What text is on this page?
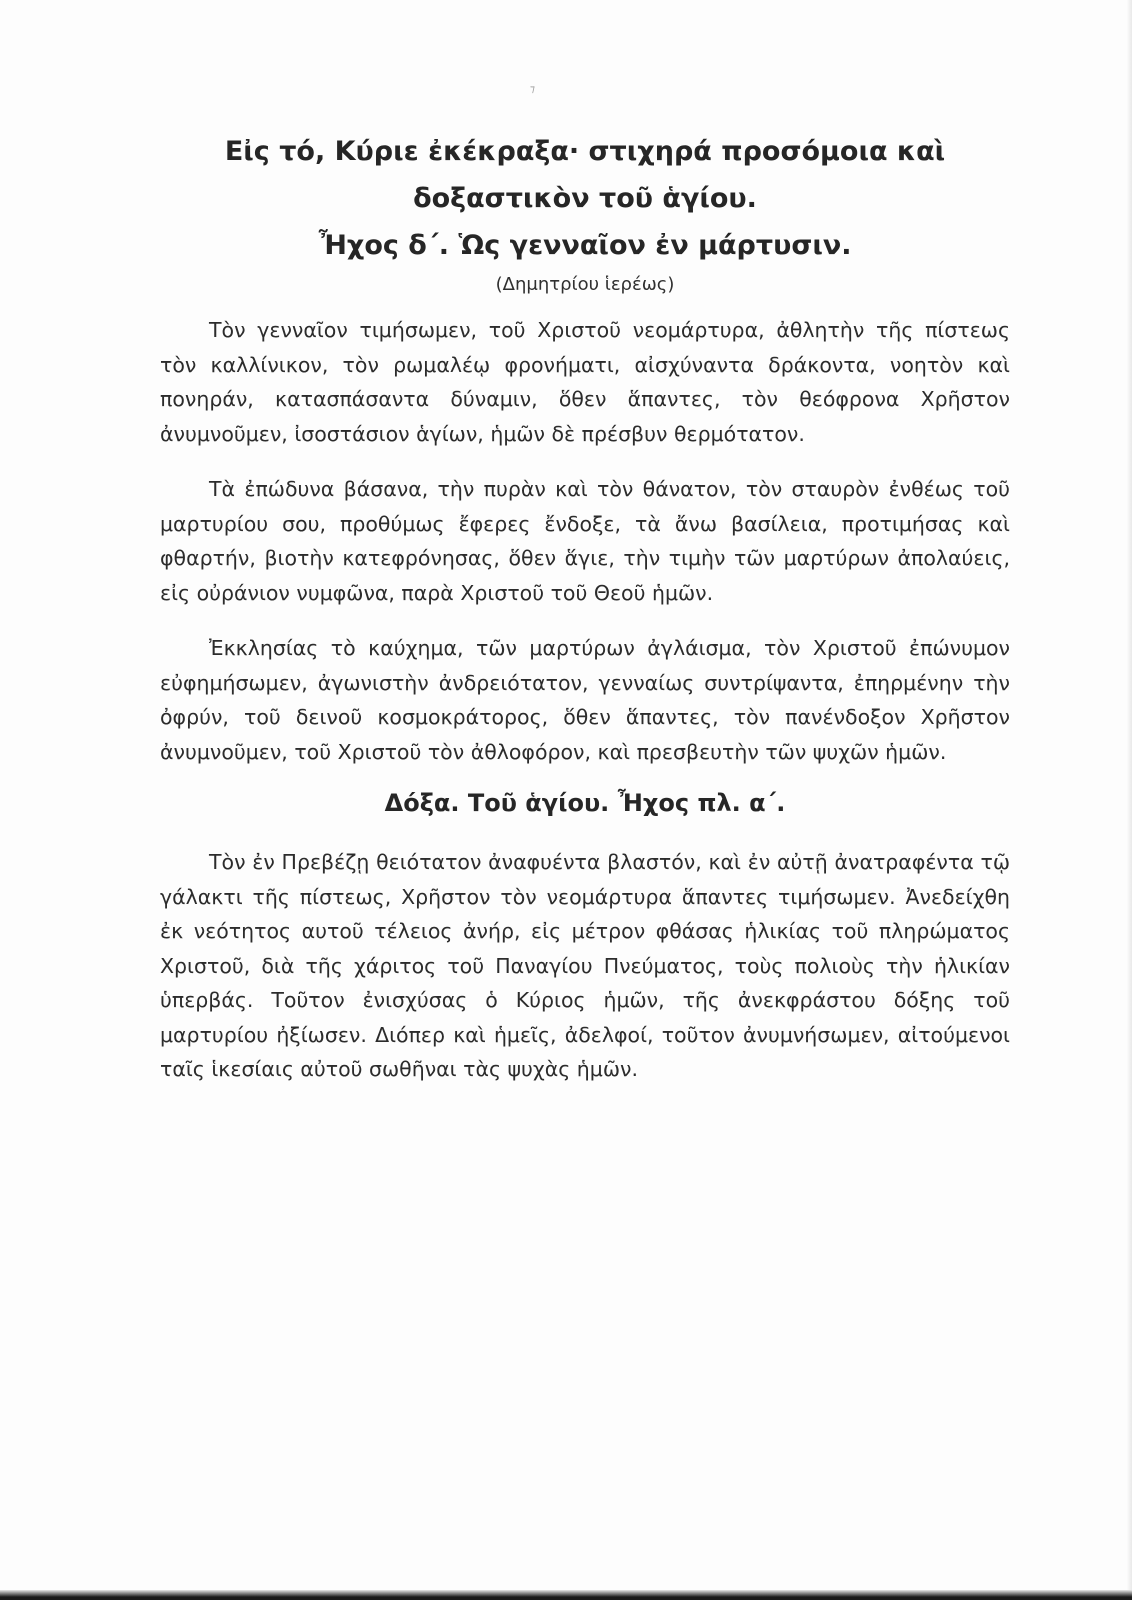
⁊
Εἰς τό, Κύριε ἐκέκραξα· στιχηρά προσόμοια καὶ
δοξαστικὸν τοῦ ἁγίου.
Ἦχος δ΄. Ὡς γενναῖον ἐν μάρτυσιν.

(Δημητρίου ἱερέως)

Τὸν γενναῖον τιμήσωμεν, τοῦ Χριστοῦ νεομάρτυρα, ἀθλητὴν τῆς πίστεως τὸν καλλίνικον, τὸν ρωμαλέῳ φρονήματι, αἰσχύναντα δράκοντα, νοητὸν καὶ πονηράν, κατασπάσαντα δύναμιν, ὅθεν ἅπαντες, τὸν θεόφρονα Χρῆστον ἀνυμνοῦμεν, ἰσοστάσιον ἁγίων, ἡμῶν δὲ πρέσβυν θερμότατον.

Τὰ ἐπώδυνα βάσανα, τὴν πυρὰν καὶ τὸν θάνατον, τὸν σταυρὸν ἐνθέως τοῦ μαρτυρίου σου, προθύμως ἔφερες ἔνδοξε, τὰ ἄνω βασίλεια, προτιμήσας καὶ φθαρτήν, βιοτὴν κατεφρόνησας, ὅθεν ἅγιε, τὴν τιμὴν τῶν μαρτύρων ἀπολαύεις, εἰς οὐράνιον νυμφῶνα, παρὰ Χριστοῦ τοῦ Θεοῦ ἡμῶν.

Ἐκκλησίας τὸ καύχημα, τῶν μαρτύρων ἀγλάισμα, τὸν Χριστοῦ ἐπώνυμον εὐφημήσωμεν, ἀγωνιστὴν ἀνδρειότατον, γενναίως συντρίψαντα, ἐπηρμένην τὴν ὀφρύν, τοῦ δεινοῦ κοσμοκράτορος, ὅθεν ἅπαντες, τὸν πανένδοξον Χρῆστον ἀνυμνοῦμεν, τοῦ Χριστοῦ τὸν ἀθλοφόρον, καὶ πρεσβευτὴν τῶν ψυχῶν ἡμῶν.

Δόξα. Τοῦ ἁγίου. Ἦχος πλ. α΄.

Τὸν ἐν Πρεβέζῃ θειότατον ἀναφυέντα βλαστόν, καὶ ἐν αὐτῇ ἀνατραφέντα τῷ γάλακτι τῆς πίστεως, Χρῆστον τὸν νεομάρτυρα ἅπαντες τιμήσωμεν. Ἀνεδείχθη ἐκ νεότητος αυτοῦ τέλειος ἀνήρ, εἰς μέτρον φθάσας ἡλικίας τοῦ πληρώματος Χριστοῦ, διὰ τῆς χάριτος τοῦ Παναγίου Πνεύματος, τοὺς πολιοὺς τὴν ἡλικίαν ὑπερβάς. Τοῦτον ἐνισχύσας ὁ Κύριος ἡμῶν, τῆς ἀνεκφράστου δόξης τοῦ μαρτυρίου ἠξίωσεν. Διόπερ καὶ ἡμεῖς, ἀδελφοί, τοῦτον ἀνυμνήσωμεν, αἰτούμενοι ταῖς ἱκεσίαις αὐτοῦ σωθῆναι τὰς ψυχὰς ἡμῶν.
